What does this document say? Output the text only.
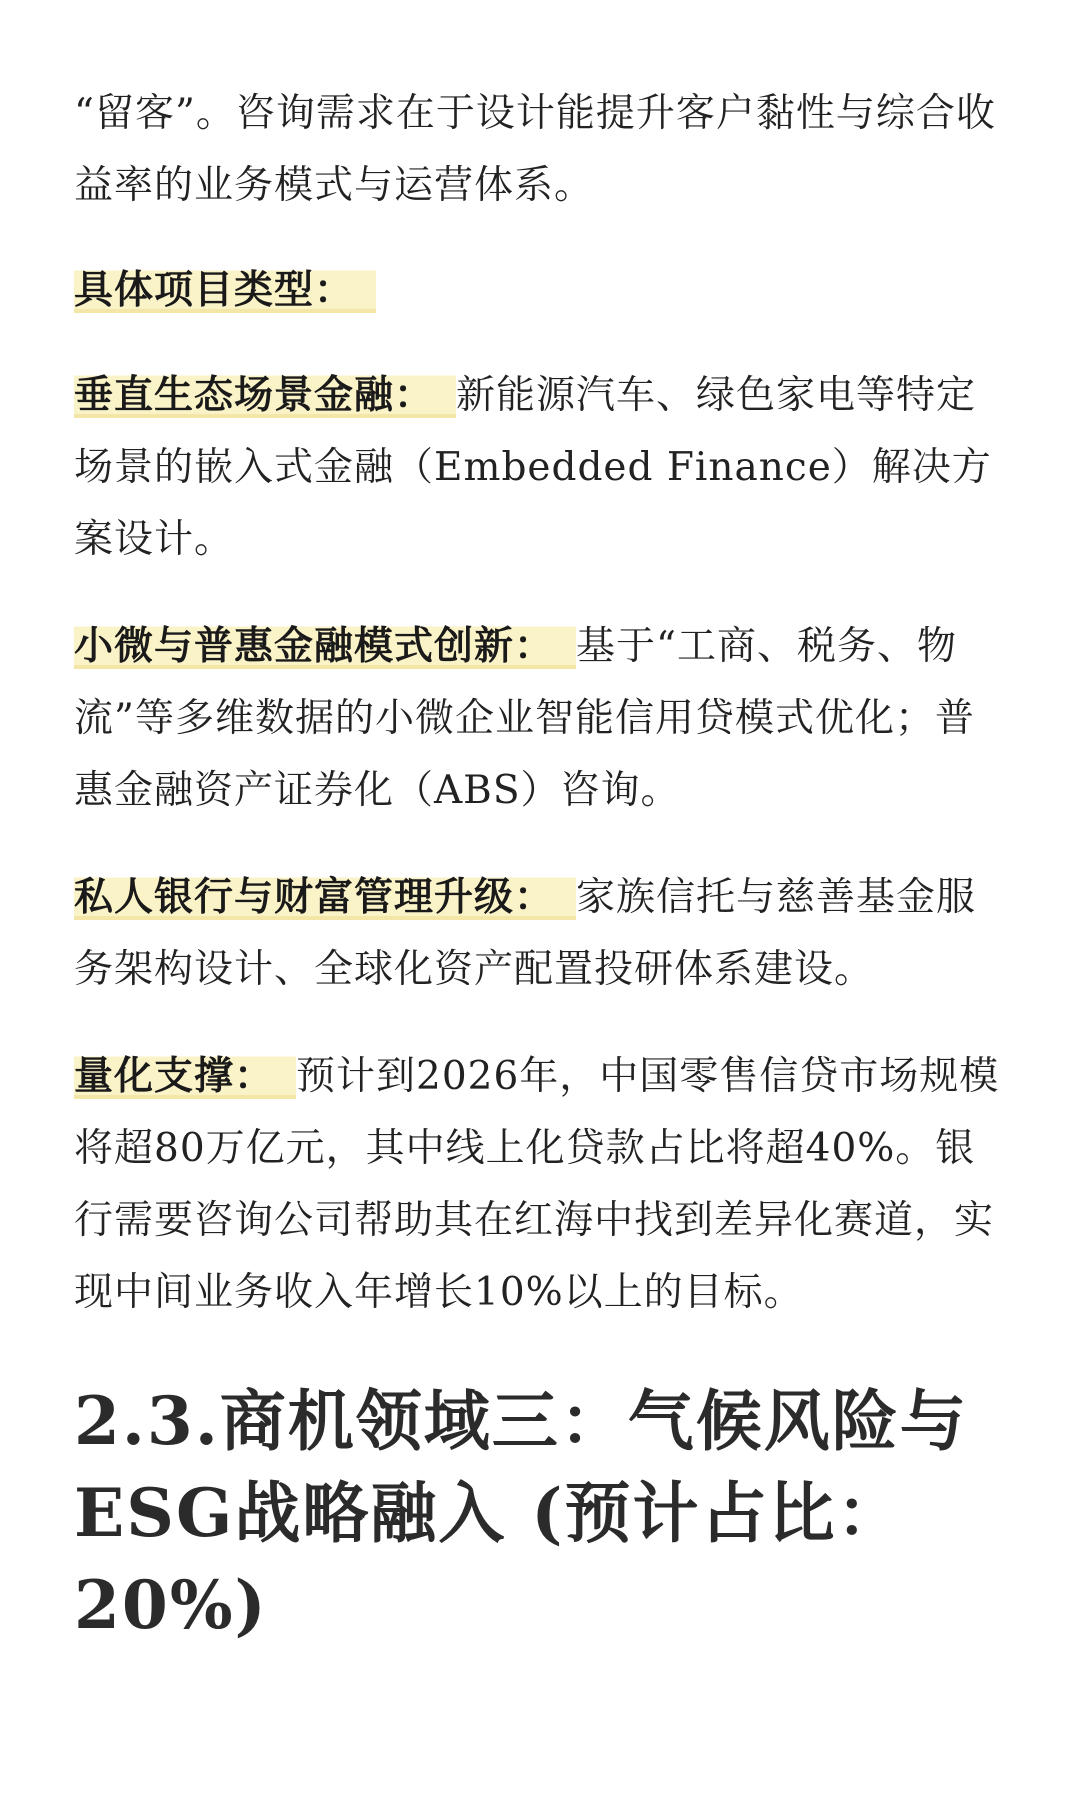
“留客”。咨询需求在于设计能提升客户黏性与综合收益率的业务模式与运营体系。

具体项目类型：

垂直生态场景金融： 新能源汽车、绿色家电等特定场景的嵌入式金融（Embedded Finance）解决方案设计。

小微与普惠金融模式创新： 基于“工商、税务、物流”等多维数据的小微企业智能信用贷模式优化；普惠金融资产证券化（ABS）咨询。

私人银行与财富管理升级： 家族信托与慈善基金服务架构设计、全球化资产配置投研体系建设。

量化支撑： 预计到2026年，中国零售信贷市场规模将超80万亿元，其中线上化贷款占比将超40%。银行需要咨询公司帮助其在红海中找到差异化赛道，实现中间业务收入年增长10%以上的目标。

2.3.商机领域三：气候风险与ESG战略融入 (预计占比：20%)
